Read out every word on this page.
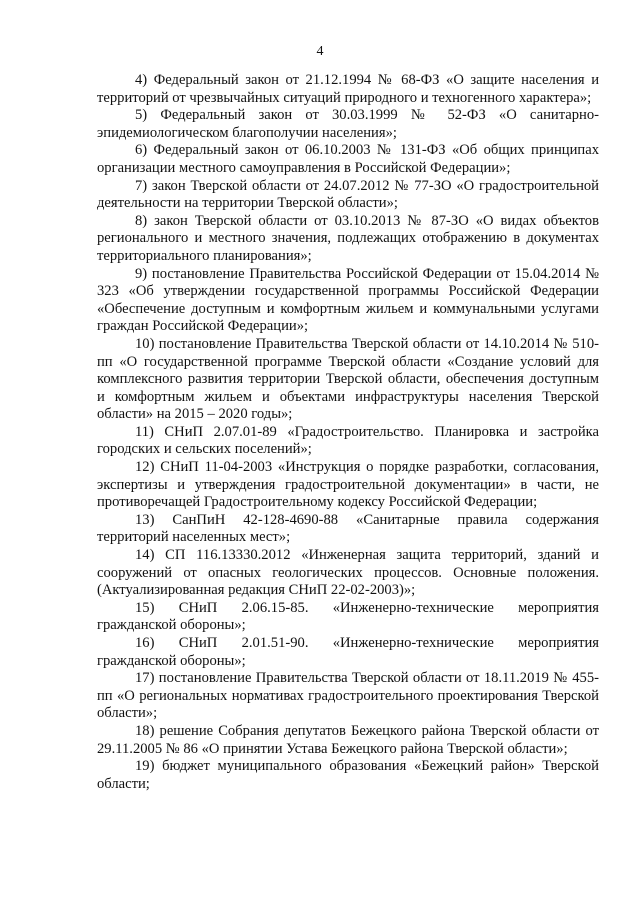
4

4) Федеральный закон от 21.12.1994 № 68-ФЗ «О защите населения и территорий от чрезвычайных ситуаций природного и техногенного характера»;

5) Федеральный закон от 30.03.1999 № 52-ФЗ «О санитарно-эпидемиологическом благополучии населения»;

6) Федеральный закон от 06.10.2003 № 131-ФЗ «Об общих принципах организации местного самоуправления в Российской Федерации»;

7) закон Тверской области от 24.07.2012 № 77-ЗО «О градостроительной деятельности на территории Тверской области»;

8) закон Тверской области от 03.10.2013 № 87-ЗО «О видах объектов регионального и местного значения, подлежащих отображению в документах территориального планирования»;

9) постановление Правительства Российской Федерации от 15.04.2014 № 323 «Об утверждении государственной программы Российской Федерации «Обеспечение доступным и комфортным жильем и коммунальными услугами граждан Российской Федерации»;

10) постановление Правительства Тверской области от 14.10.2014 № 510-пп «О государственной программе Тверской области «Создание условий для комплексного развития территории Тверской области, обеспечения доступным и комфортным жильем и объектами инфраструктуры населения Тверской области» на 2015 – 2020 годы»;

11) СНиП 2.07.01-89 «Градостроительство. Планировка и застройка городских и сельских поселений»;

12) СНиП 11-04-2003 «Инструкция о порядке разработки, согласования, экспертизы и утверждения градостроительной документации» в части, не противоречащей Градостроительному кодексу Российской Федерации;

13) СанПиН 42-128-4690-88 «Санитарные правила содержания территорий населенных мест»;

14) СП 116.13330.2012 «Инженерная защита территорий, зданий и сооружений от опасных геологических процессов. Основные положения. (Актуализированная редакция СНиП 22-02-2003)»;

15) СНиП 2.06.15-85. «Инженерно-технические мероприятия гражданской обороны»;

16) СНиП 2.01.51-90. «Инженерно-технические мероприятия гражданской обороны»;

17) постановление Правительства Тверской области от 18.11.2019 № 455-пп «О региональных нормативах градостроительного проектирования Тверской области»;

18) решение Собрания депутатов Бежецкого района Тверской области от 29.11.2005 № 86 «О принятии Устава Бежецкого района Тверской области»;

19) бюджет муниципального образования «Бежецкий район» Тверской области;
